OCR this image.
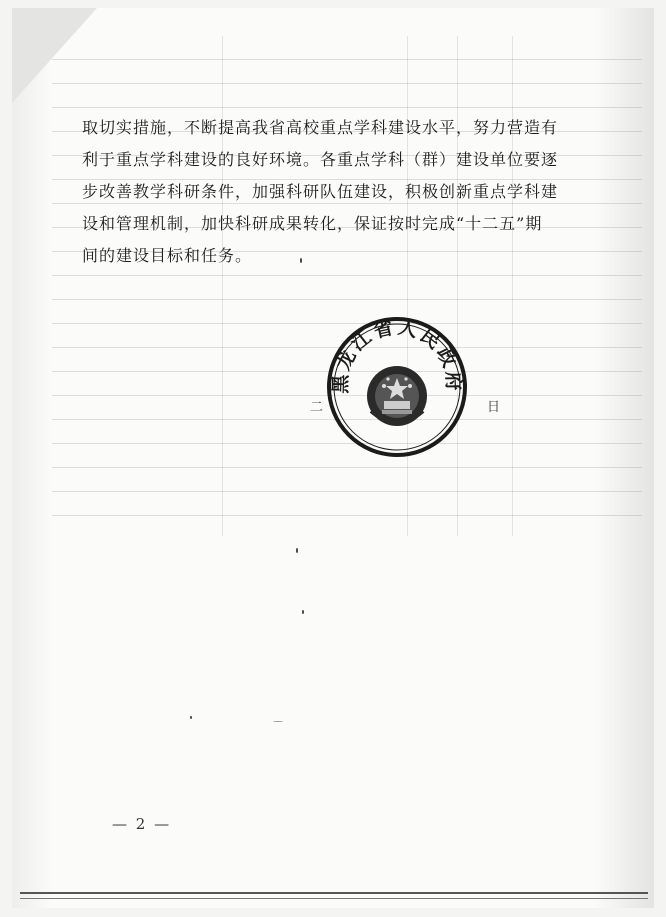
取切实措施，不断提高我省高校重点学科建设水平，努力营造有

利于重点学科建设的良好环境。各重点学科（群）建设单位要逐

步改善教学科研条件，加强科研队伍建设，积极创新重点学科建

设和管理机制，加快科研成果转化，保证按时完成“十二五”期

间的建设目标和任务。

二	日
黑龙江省人民政府
— 2 —
